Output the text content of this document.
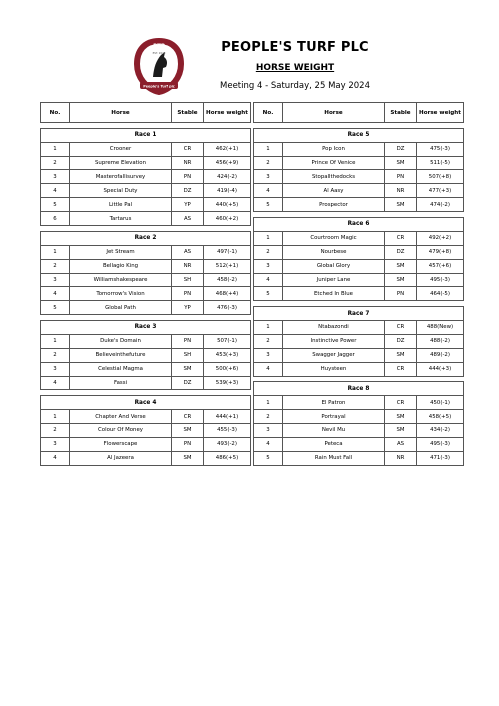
PTP
EST. 2020
People's Turf plc
PEOPLE'S TURF PLC
HORSE WEIGHT
Meeting 4 - Saturday, 25 May 2024
No.	Horse	Stable	Horse weight

Race 1			
1	Crooner	CR	462(+1)
2	Supreme Elevation	NR	456(+9)
3	Masterofallisurvey	PN	424(-2)
4	Special Duty	DZ	419(-4)
5	Little Pal	YP	440(+5)
6	Tartarus	AS	460(+2)

Race 2			
1	Jet Stream	AS	497(-1)
2	Bellagio King	NR	512(+1)
3	Williamshakespeare	SH	458(-2)
4	Tomorrow's Vision	PN	468(+4)
5	Global Path	YP	476(-3)

Race 3			
1	Duke's Domain	PN	507(-1)
2	Believeinthefuture	SH	453(+3)
3	Celestial Magma	SM	500(+6)
4	Fassi	DZ	539(+3)

Race 4			
1	Chapter And Verse	CR	444(+1)
2	Colour Of Money	SM	455(-3)
3	Flowerscape	PN	493(-2)
4	Al Jazeera	SM	486(+5)
No.	Horse	Stable	Horse weight

Race 5			
1	Pop Icon	DZ	475(-3)
2	Prince Of Venice	SM	511(-5)
3	Stopallthedocks	PN	507(+8)
4	Al Aasy	NR	477(+3)
5	Prospector	SM	474(-2)

Race 6			
1	Courtroom Magic	CR	492(+2)
2	Nourbese	DZ	479(+8)
3	Global Glory	SM	457(+6)
4	Juniper Lane	SM	495(-3)
5	Etched In Blue	PN	464(-5)

Race 7			
1	Ntabazondi	CR	488(New)
2	Instinctive Power	DZ	488(-2)
3	Swagger Jagger	SM	489(-2)
4	Huysteen	CR	444(+3)

Race 8			
1	El Patron	CR	450(-1)
2	Portrayal	SM	458(+5)
3	Nevil Mu	SM	434(-2)
4	Peteca	AS	495(-3)
5	Rain Must Fall	NR	471(-3)
